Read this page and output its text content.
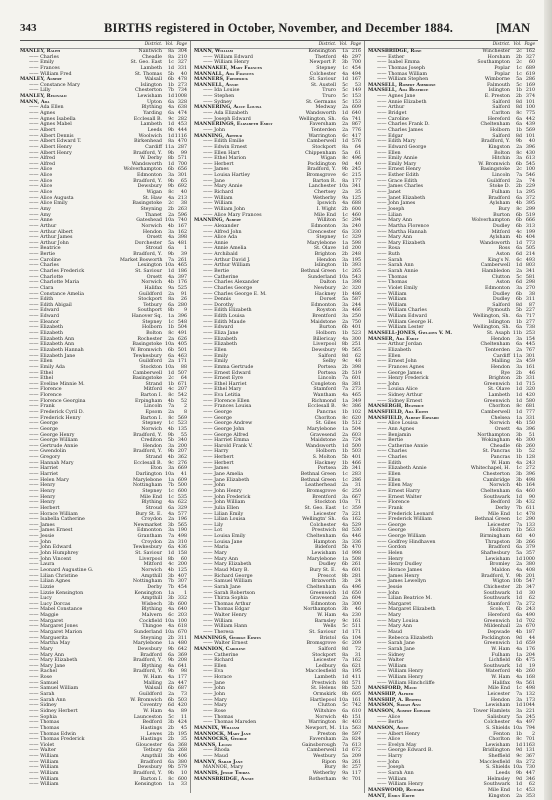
343	BIRTHS registered in October, November, and December 1884.	[MAN
District. Vol. Page
MANLEY, Ralph	Nantwich	8a 304
—— Charles	Cheadle	8a 210
—— Emily	St. Geo. East	1c 327
—— Frances	Lambeth	1d 331
—— William Fred	St. Thomas	5b	40
MANLEY, Albert	Walsall	6b 478
—— Constance Mary	Islington	1b 273
—— Lilly	Chesterton	7b 734
MANLEY, Reginald	Lewisham	1d 1008
MANN, Ada	Upton	6a 328
—— Ada Ellen	Blything	4a 638
—— Agnes	Yarding	6a 474
—— Agnes Isabella	Ecclesall B.	9c 282
—— Agnes Mabel	Lambeth	1d 453
—— Albert	Leeds	9b 444
—— Albert Dennis	Woolwich	1d 1116
—— Albert Edward T.	Birkenhead	8a 470
—— Albert Henry	Cardiff 11a 287
—— Albert Henry	Bradford, Y.	9b	99
—— Alfred	W. Derby	8b 571
—— Alfred	Wandsworth	1d 700
—— Alice	Wolverhampton	6b 656
—— Alice	Edmonton	3a 301
—— Alice	Bradford, Y.	9b	65
—— Alice	Dewsbury	9b 692
—— Alice	Wigan	8c	40
—— Alice Augusta	St. Haw	4a 213
—— Alice Emily	Basingstoke	2c	38
—— Amy	Steyning	2b 263
—— Amy	Thanet	2a 596
—— Anne	Gateshead 10a 740
—— Arthur	Norwich	4b 167
—— Arthur Albert	Hendon	3a 162
—— Arthur James	Orsett	4a 398
—— Arthur John	Dorchester	5a 481
—— Beatrice	Stroud	6a	1
—— Bertie	Bradford, Y.	9b	39
—— Caroline	Market Bosworth	7a 261
—— Charles	Lexington 10a 465
—— Charles Frederick	St. Saviour	1d 186
—— Charlotte	Orsett	4a 397
—— Charlotte Maria	Norwich	4b 176
—— Clara	Halifax	9a 525
—— Constance Amelia	Guildford	2a	91
—— Edith	Stockport	8a	26
—— Edith Abigail	Tetbury	6a 280
—— Edward	Southport	8b	9
—— Edward	Hanover Sq.	1a 396
—— Eleanor	Stepney	1c 548
—— Elizabeth	Holborn	1b 504
—— Elizabeth	Bolton	8c 491
—— Elizabeth Ann	Rochester	2a 626
—— Elizabeth Ann	Basingstoke 10a 405
—— Elizabeth Hannah	W. Bromwich	6b 501
—— Elizabeth Jane	Tewkesbury	6a 463
—— Ellen	Guildford	2a 171
—— Emily Ada	Stockton 10a	88
—— Ethel	Camberwell	1d 507
—— Ethel	Basingstoke	2c	64
—— Eveline Minnie M.	Strand	1b 671
—— Florence	Mitford	4c 207
—— Florence	Barton I.	8c 542
—— Florence Georgina	Erpingham	4b	52
—— Frank	Lincoln	7a	2
—— Frederick Cyril D.	Epsom	2a	8
—— Frederick Henry	Barton I.	8c 569
—— George	Stepney	1c 523
—— George	Norwich	4b 135
—— George Henry	Bradford, Y.	9b	55
—— George William	Crediton	5b 340
—— Gertrude Annie	Hendon	3a 200
—— Gwendolin	Bradford, Y.	9b 207
—— Gregory	Strand	4b 362
—— Hannah Mary	Ecclesall B.	9c 276
—— Harriet	Eton	3a 669
—— Harriet	Darlington 10a	41
—— Helen Mary	Marylebone	1a 609
—— Henry	Nottingham	7b 500
—— Henry	Stepney	1c 600
—— Henry	Mile End	1c 535
—— Henry	Blything	4a 622
—— Herbert	Stroud	6a 329
—— Horace William	Bury St. E.	4a 577
—— Isabella Catherine	Croydon	2a 196
—— James	Newmarket	3b 565
—— James Ernest	Edmonton	3a 190
—— Jessie	Grantham	7a 498
—— John	Croydon	2a 310
—— John Edward	Tewkesbury	6a 436
—— John Humphrey	St. Saviour	1d 158
—— John Vincent	Liverpool	8b	60
—— Laura	Mitford	4c 200
—— Leonard Augustine G.	Norwich	4b 125
—— Lilian Christine	Ampthill	3b 407
—— Lilian Agnes	Nottingham	7b 307
—— Lizzie	Derby	7b 454
—— Lizzie Kensington	Kensington	1a	1
—— Lucy	Ampthill	3b 332
—— Lucy Dorcas	Wisbech	3b 600
—— Mabel Constance	Blything	4a 640
—— Maggie	Malvern	6c 203
—— Margaret	Cockfield 10a 100
—— Margaret Jones	Thingoe	4a 618
—— Margaret Marion	Sunderland 10a 670
—— Marguerita	Steyning	2b 311
—— Martha May	Marylebone	1a 480
—— Mary	Dewsbury	9b 642
—— Mary Ann	Bradford	6a 369
—— Mary Elizabeth	Bradford, Y.	9b 208
—— Mary Jane	Blything	4a 641
—— Rachel	Bradford, Y.	9b	98
—— Rose	W. Ham	4a 177
—— Samuel	Malling	2a 447
—— Samuel William	Walsall	6b 687
—— Sarah	Guildford	2a	73
—— Sarah Ann	W. Bromwich	6b 503
—— Sidney	Coventry	6d 420
—— Sidney Herbert	W. Ham	4a	89
—— Sophia	Launceston	5c	11
—— Thomas	Bedford	3b 424
—— Thomas	Hastings	2b	45
—— Thomas Edwin	Lewes	2b 195
—— Thomas Frederick	Hastings	2b	35
—— Violet	Gloucester	6a 368
—— Walter	Tetbury	6a 268
—— William	Ampthill	3b 406
—— William	Bradford	6a 380
—— William	Dewsbury	9b 579
—— William	Bradford, Y.	9b	10
—— William	Barton I.	8c 600
—— William	Kensington	1a	33
District. Vol. Page
MANN, William	Kensington	1a 216
—— William Edward	Thetford	4b 297
—— William Henry	Newport P.	3b 700
MANNAKEE, Mary Frances	Stepney	1c 454
MANNALL, Ada Frances	Colchester	4a 494
MANNERS, Frederick	St. Saviour	1d 167
MANNELL, Annie	St. Austell	5c	53
—— Ida Louise	Truro	5c 149
—— Stephen	Truro	5c 153
—— Sydney	St. Germans	5c 153
MANNERING, Alice Louisa	Medway	2a 609
—— Ada Elizabeth	Wandsworth	1d 640
—— Joseph Edward	Wellington, Sh.	6a 741
MANNERINGS, Elizabeth Emily	Faversham	2a 867
—— John	Tenterden	2a 776
MANNING, Arthur	Warrington	6c 417
—— Edith Emilie	Camberwell	1d 576
—— Edwin Ernest	Stockport	8a	64
—— Ellen Hart	Chippenham	5a	61
—— Ethel Marion	Wigan	8c 496
—— Herbert	Pocklington	9d	40
—— James	Bradford, Y.	9b 245
—— Louisa Hartley	Bromsgrove	6c 215
—— Jane	Barton R.	8a 177
—— Mary Annie	Lanchester 10a 341
—— Richard	Chertsey	2a	35
—— William	Wetherby	9a 125
—— William	Ipswich	4a 688
—— William John	I. Wight	2b 600
—— Alice Mary Frances	Mile End	1c 460
MANNING, Albert	Williton	5c 294
—— Alexander	Edmonton	3a 240
—— Alfred John	Cirencester	6a 330
—— Alice Ada	Stepney	1c 329
—— Annie	Marylebone	1a 598
—— Annie Amelia	St. Olave	1d 200
—— Archibald	Brighton	2b 248
—— Arthur David J.	Hendon	3a 195
—— Arthur William	Islington	1b 393
—— Bertie	Bethnal Green	1c 265
—— Catherine	Sunderland 10a 543
—— Charles Alexander	Dalton	1a 398
—— Charles George	Newbury	2c 320
—— Charles George E. M.	Hackney	1b 486
—— Dennis	Dorset	5a 587
—— Dorothy	Edmonton	3a 244
—— Edith Elizabeth	Royston	3a 466
—— Edith Louisa	Brentford	3a 250
—— Edith Maude	Maidstone	2a 750
—— Edward	Burton	6b 401
—— Eliza Jane	Holborn	1b 523
—— Elizabeth	Billericay	4a 300
—— Elizabeth	Liverpool	8b 251
—— Ellen	Dewsbury	9b 565
—— Emily	Salford	8d	62
—— Emily	Selby	9c	48
—— Emma Gertrude	Portsea	2b 398
—— Ernest Edward	Portsea	2b 519
—— Ernest Eyre	Lincoln	7a 601
—— Ethel Harriet	Congleton	8a 381
—— Ethel Mary	Stamford	7a 273
—— Eva Letitia	Wantham	4a 465
—— Florence Ellen	Richmond	1a 349
—— Frances Louisa	Ecclesall B.	9c 386
—— George	Pancras	1b 102
—— George	Chorlton	8c 620
—— George Andrew	St. Giles	1b 512
—— George John	Marylebone	1a 504
—— George Alfred	Gravesend	2a 603
—— Harriet Emma	Maidstone	2a 724
—— Harold Frank V.	Wandsworth	1d 500
—— Harry	Holborn	1b 503
—— Herbert	S. Molton	5b 401
—— Herbert	Hackney	1b 466
—— James	Portsea	2b 341
—— Jane Amelia	Bethnal Green	1c 283
—— Jane Elizabeth	Bethnal Green	1c 286
—— John	Leatherhead	2a	31
—— John Henry	Bromsgrove	6c 250
—— John Frederick	Brentford	3a 667
—— John William	Stockton 10a	71
—— Julia Ellen	St. Geo. East	1c 359
—— Lilian Emily	Leicester	7a 221
—— Lilian Louisa	Wellingtn' Sh.	6a 162
—— Lily	Colchester	4a 529
—— Lot	Prestwich	8d 530
—— Louisa Emily	Cheltenham	6a 446
—— Louisa Jane	Hampton	3a 336
—— Maria	Bideford	5b 470
—— Mary	Lewisham	1d 998
—— Mary Ann	Marylebone	1a 508
—— Mary Elizabeth	Dudley	6b 261
—— Maud Mary B.	Bury St. E.	4a 601
—— Richard George	Prescot	8b 281
—— Samuel William	Brixworth	3b	24
—— Sarah Jane	Cheltenham	6a 496
—— Sarah Robertson	Greenwich	1d 650
—— Thirza Sophia	Gravesend	2a 604
—— Thomas Arthur	Edmonton	3a 300
—— Thomas Edgar	Northampton	3b	46
—— Walter Henry	W. Ham	4a 230
—— William	Barnsley	9c 161
—— William Hann	Wells	5c 511
—— Theresa	St. Saviour	1d 171
MANNINGS, George Edwin	Bristol	6a 104
—— Walter Ernest	Bromsgrove	6c 209
MANNION, Caroline	Salford	8d	72
—— Catherine	Stockport	8a	31
—— Richard	Leicester	7a 162
—— Ellen	Ledbury	6a 621
—— Eva	Macclesfield	8a 195
—— Horace	Lambeth	1d 411
—— Jane	Prestwich	8d 571
—— John	St. Helens	8b 520
—— John	Ormskirk	8b 605
—— Mary	Hartlepool 10a 161
—— Mary	Clutton	5c 742
—— Rose	Wiltshire	6a 610
—— Thomas	Norwich	4b 151
—— Thomas Marsden	Warrington	8c 403
MANNIX, William	Newport, M. 11a 563
MANNOCK, Mary Jane	Preston	8e 597
MANNOCKS, George	Faversham	2a 824
MANNS, Lilian	Gainsborough	7a 613
—— Rhoda	Camberwell	1d 672
—— Maud	Westbury	5a 209
MANNY, Sarah Jane	Ripon	9a 261
MANNOE, Mary	Bury	8c 257
MANNIS, Jessie Thirza	Wetherby	9a 117
MANNSBRIDGE, Annie	Rotherham	9c 701
District. Vol. Page
MANSBRIDGE, Rose	Winchester	2c 162
—— Esther	Horsham	2b 327
—— Isabel Emma	Southampton	2c	60
—— Thomas Joseph	Poplar	1c 689
—— Thomas William	Poplar	1c 619
—— William Stephen	Wimborne	5a 286
MANSELL, Robert Ambrose	Falmouth	5c 169
MANSELL, Ada Beatrice	Islington	1b 210
—— Agnes Jane	E. Preston	2b 374
—— Annie Elizabeth	Salford	8d 101
—— Arthur	Salford	8d 100
—— Bridget	Carlton	8c 775
—— Caroline	Hereford	6a 442
—— Charles Frank D.	Cheltenham	6a 439
—— Charles James	Holborn	1b 569
—— Edgar	Salford	8d 101
—— Edith Mary	Bradford, Y.	9b	40
—— Edward George	Kingston	2a 396
—— Ellen	Bolton	8c 430
—— Emily Annie	Hitchin	3a 613
—— Emily Mary	W. Bromwich	6b 545
—— Ernest Henry	Basingstoke	2c 100
—— Esther Edith	Lincoln	7a 546
—— Grace Edith	Guildford	2a	74
—— James Charles	Stoke D.	2b 229
—— Janet	Fulham	1a 295
—— Janet Elizabeth	Bradford	6a 372
—— John James	Aylsham	4b 395
—— Joseph	Bury	8c 299
—— Lilian	Burton	6b 519
—— Mary Ann	Wolverhampton	6b 666
—— Martha Florence	Dudley	6b 313
—— Martha Hannah	Mitford	4c 199
—— Mary Ann	Aylsham	4b 404
—— Mary Elizabeth	Wandsworth	1d 773
—— Rosa	Ross	6a 505
—— Ruth	Aston	6d 214
—— Sarah	King's N.	6c 493
—— Sarah Ann	Camberwell	1d 803
—— Sarah Annie	Hambledon	2a 341
—— Thomas	Clutton	5c 581
—— Thomas	Aston	6d 298
—— Violet Emily	Edmonton	3a 270
—— William	Dudley	6b	38
—— William	Dudley	6b 311
—— William	Salford	8d	87
—— William Charles	Plymouth	5b 227
—— William Edward	Wellington, Sh.	6a 717
—— William George H.	Islington	1b 277
—— William Lester	Wellington, Sh.	6a 738
MANSELL-JONES, Gwladys V. M.	St. Asaph 11b 253
MANSER, Ada Emily	Hendon	3a 154
—— Arthur Jordan	Cheltenham	6a 445
—— Elizabeth	Tenterden	2a 767
—— Ellen	Cardiff 11a 301
—— Ernest John	Malling	2a 459
—— Frances Agnes	Hendon	3a 161
—— George James	Rye	2b	46
—— Henry Frederick	Brighton	2b 331
—— John	Greenwich	1d 715
—— Louisa Alice	St. Olave	1d 320
—— Sidney Arthur	Lambeth	1d 420
—— Sidney Ernest	Greenwich	1d 580
MANSERGH, Beatrice	Chorlton	8c 681
MANSFIELD, Ada Edith	Camberwell	1d 777
MANSFIELD, Albert Edward	Chelsea	1a 331
—— Alice Louisa	Norwich	4b 150
—— Ann Agnes	Orsett	4a 396
—— Benjamin	Northampton	3b	51
—— Bertie	Wokingham	4b 300
—— Catherine Annie	Cheadle	6b 260
—— Charles	St. Pancras	1b	52
—— Charles	Pancras	1b 128
—— Edith	W. Ham	4a 243
—— Elizabeth Annie	Whitechapel, H.	1c 272
—— Ellen	Chesterton	3b 396
—— Ellen	Cambridge	3b 498
—— Ellen May	Norwich	4b 164
—— Ernest Harry	Cheltenham	6a 460
—— Ernest Walter	Southwark	1d	90
—— Florence	Bedford	3b 432
—— Frank	Derby	7b 611
—— Frederick Leonard	Mile End	1c 478
—— Frederick William	Bethnal Green	1c 290
—— George	Leicester	7a 133
—— George	Holborn	1b 563
—— George William	Birmingham	6d	40
—— Godfrey Hindhaven	Thrapston	3b 266
—— Gordon	Bradford	6a 379
—— Helen	Shaftesbury	5a 357
—— Henry	Lewisham	1d 1000
—— Henry Dudley	Bromley	2a 380
—— Horace James	Maldon	4a 408
—— James Henry	Bradford, Y.	9b 201
—— James Lewellyn	Wigton 10b 547
—— Jessie	Chichester	2b 347
—— John	Southwark	1d	30
—— Lilian Beatrice M.	Southwark	1d	62
—— Margaret	Stamford	7a 272
—— Margaret Elizabeth	Scole, T.	6b 243
—— Mary	Hereford	6a 490
—— Mary Louisa	Greenwich	1d 702
—— Mary Ann	Mildenhall	2a 670
—— Maud	Depwade	4b 187
—— Rebecca Elizabeth	Pocklington	9d	44
—— Sarah Jane	Greenwich	1d 659
—— Sarah Jane	W. Ham	4a 176
—— Sidney	Fulham	1a 204
—— Walter	Lichfield	6b 475
—— William	Southwark	1d	19
—— William Henry	Waterford	4b 260
—— William Henry	W. Ham	4a 168
—— William Hinchcliffe	Halifax	9a 561
MANSFORD, Maud	Mile End	1c 498
MANSHIP, Alfred	Leicester	7a 132
MANSHIP, A. Bertha	Hendon	3a 173
MANSON, Sarah Ann	Lewisham	1d 1044
MANSON, Albert Edward	Tower Hamlets	3a 221
—— Alice	Salisbury	5a 245
—— Bertie	Colchester	4a 497
MANSON, Alice	S. Shields 10a 794
—— Albert Henry	Fenton	1b	2
—— Alice	Chorlton	8c 701
—— Evelyn May	Lewisham	1d 1163
—— George Edward B.	Bridlington	9d 131
—— Harry	Sheffield	9c 367
—— John	Macclesfield	8a 272
—— Joseph	S. Shields 10a 730
—— Sarah Ann	Leeds	9b 447
—— William	Helmsley	9d 346
—— William Henry	Southwark	1d	62
MANSWOOD, Richard	Mile End	1c 453
MANT, Emily Edith	Kingston	2a 353
